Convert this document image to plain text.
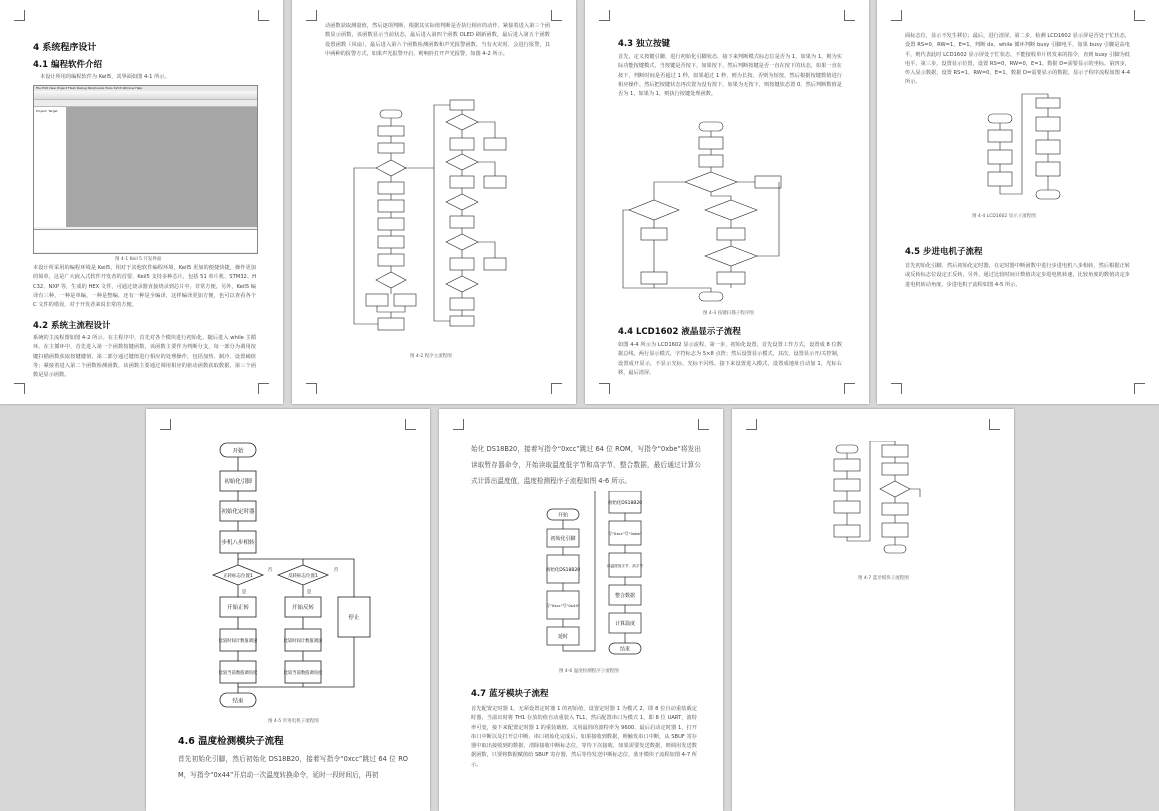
4 系统程序设计
4.1 编程软件介绍
本设计所用的编程软件为 Keil5，其界面如图 4-1 所示。
File Edit View Project Flash Debug Peripherals Tools SVCS Window Help
Project: Target
图 4-1 Keil 5 开发界面
本设计所采用的编程环境是 Keil5，相对于其他软件编程环境，Keil5 更加的便捷快捷，操作更加的简单，这是广大嵌入式软件开发者的首要，Keil5 支持多种芯片，包括 51 单片机、STM32、HC32、NXP 等，生成的 HEX 文件，可通过烧录器直接烧录到芯片中。非常方便。另外，Keil5 编译有三种，一种是单编，一种是整编，还有一种是全编译，这样编译更加方便，也可以查看各个 C 文件的错误，对于开发者来说非常的方便。
4.2 系统主流程设计
系统的主流程图如图 4-2 所示。在主程序中，首先对各个模块进行初始化，随后进入 while 主循环。在主循环中，首先进入第一个函数按键函数，该函数主要作为判断分支，每一部分为调用按键扫描函数获取按键键值，第二部分通过键值进行相应的处理操作，包括加热、制冷、设置阈值等；紧接着进入第二个函数检测函数，该函数主要通过调用相应的驱动函数获取数据，第三个函数是显示函数。
动函数获取测量值，然后逐项判断，根据其实际值判断是否执行相应的动作，紧接着进入第三个函数显示函数，该函数显示当前状态，最后进入第四个函数 OLED 刷新函数，最后进入第五个函数设置函数（风扇），最后进入第六个函数检测函数和声光报警函数，当有火灾时，会进行报警，其中两种的报警方式，如果声光报警开启，则响铃打开声光报警。如图 4-2 所示。
图 4-2 程序主流程图
4.3 独立按键
首先，定义按键引脚，进行初始化引脚状态，接下来判断模式标志位是否为 1，如果为 1，则为实际功能按键模式，当按键是否按下，如果按下，然后判断按键是否一直在按下的状态，如果一直在按下，判断时间是否超过 1 秒，如果超过 1 秒，则为长按，否则为短按，然后根据按键数值进行相应操作。然后把按键状态再次置为没有按下，如果为无按下，则按键状态置 0，然后判断数值是否为 1，如果为 1，则执行按键处理函数。
图 4-3 按键扫描子程序图
4.4 LCD1602 液晶显示子流程
如图 4-4 所示为 LCD1602 显示流程，第一步，初始化设置，首先设置工作方式，设置成 8 位数据总线，两行显示模式，字符标志为 5×8 点阵；然后设置显示模式，其次，设置显示开/关控制，设置成开显示，不显示光标，光标不闪烁。接下来设置进入模式，设置成地址自动加 1，光标右移，最后清屏。
面标志位，显示不发生移位；最后，进行清屏。第二步，检测 LCD1602 显示屏是否处于忙状态，设置 RS=0，RW=1，E=1，判断 dx，while 循环判断 busy 引脚电平，如果 busy 引脚是高电平，则代表此时 LCD1602 显示屏处于忙状态，不能接收单片机发来的指令，直到 busy 引脚为低电平。第三步，设置显示位置，设置 RS=0，RW=0，E=1。数据 D=需要显示的坐标。第四步，传入显示数据，设置 RS=1，RW=0，E=1，数据 D=需要显示的数据，显示子程序流程如图 4-4 所示。
图 4-4 LCD1602 显示子流程图
4.5 步进电机子流程
首先初始化引脚，然后初始化定时器，在定时器中断函数中进行步进电机八步相转，然后根据正转或反转标志位设定正反转，另外，通过比较时间计数值决定步进电机转速，比较角度的数值决定步进电机转动角度，步进电机子流程如图 4-5 所示。
开始
初始化引脚
初始化定时器
步机八步相转
正转标志位置1	反转标志位置1
否	否
是	是
开始正转	开始反转
停止
比较时间计数值调速	比较时间计数值调速
比较当前数值调角度	比较当前数值调角度
结束
图 4-5 步进电机子流程图
4.6 温度检测模块子流程
首先初始化引脚，然后初始化 DS18B20，接着写指令“0xcc”跳过 64 位 ROM，写指令“0x44”开启动一次温度转换命令，延时一段时间后，再初
始化 DS18B20，接着写指令“0xcc”跳过 64 位 ROM，写指令“0xbe”将发出读取暂存器命令，开始读取温度低字节和高字节，整合数据，最后通过计算公式计算出温度值，温度检测程序子流程如图 4-6 所示。
开始
初始化引脚
初始化DS18B20
写“0xcc”写“0x44”
延时
初始化DS18B20
写“0xcc”写“0xbe”
读温度低字节、高字节
整合数据
计算温度
结束
图 4-6 温度检测程序子流程图
4.7 蓝牙模块子流程
首先配置定时器 1，无须设置定时器 1 的初始值，设置定时器 1 为模式 2，即 8 位自动重装载定时器，当溢出时将 TH1 存放的值自动重装入 TL1，然后配置串口为模式 1，即 8 位 UART，波特率可变，接下来配置定时器 1 的重装载值，又用最简的波特率为 9600，最后启动定时器 1，打开串口中断以及打开总中断，串口初始化完成后，如果接收到数据，则触发串口中断，从 SBUF 寄存器中取出接收到的数据，清除接收中断标志位，等待下次接收，如果需要发送数据，则调用发送数据函数，只要将数据赋值给 SBUF 寄存器，然后等待发送中断标志位，蓝牙模块子流程如图 4-7 所示。
图 4-7 蓝牙模块子流程图
